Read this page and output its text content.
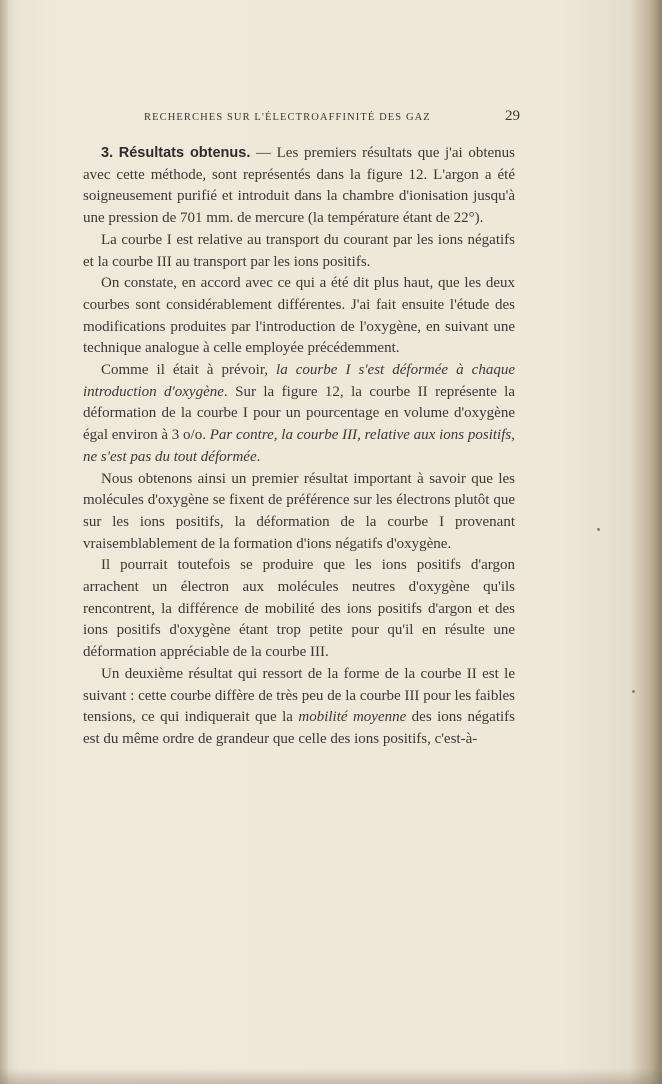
RECHERCHES SUR L'ÉLECTROAFFINITÉ DES GAZ	29

3. Résultats obtenus. — Les premiers résultats que j'ai obtenus avec cette méthode, sont représentés dans la figure 12. L'argon a été soigneusement purifié et introduit dans la chambre d'ionisation jusqu'à une pression de 701 mm. de mercure (la température étant de 22°).

La courbe I est relative au transport du courant par les ions négatifs et la courbe III au transport par les ions positifs.

On constate, en accord avec ce qui a été dit plus haut, que les deux courbes sont considérablement différentes. J'ai fait ensuite l'étude des modifications produites par l'introduction de l'oxygène, en suivant une technique analogue à celle employée précédemment.

Comme il était à prévoir, la courbe I s'est déformée à chaque introduction d'oxygène. Sur la figure 12, la courbe II représente la déformation de la courbe I pour un pourcentage en volume d'oxygène égal environ à 3 o/o. Par contre, la courbe III, relative aux ions positifs, ne s'est pas du tout déformée.

Nous obtenons ainsi un premier résultat important à savoir que les molécules d'oxygène se fixent de préférence sur les électrons plutôt que sur les ions positifs, la déformation de la courbe I provenant vraisemblablement de la formation d'ions négatifs d'oxygène.

Il pourrait toutefois se produire que les ions positifs d'argon arrachent un électron aux molécules neutres d'oxygène qu'ils rencontrent, la différence de mobilité des ions positifs d'argon et des ions positifs d'oxygène étant trop petite pour qu'il en résulte une déformation appréciable de la courbe III.

Un deuxième résultat qui ressort de la forme de la courbe II est le suivant : cette courbe diffère de très peu de la courbe III pour les faibles tensions, ce qui indiquerait que la mobilité moyenne des ions négatifs est du même ordre de grandeur que celle des ions positifs, c'est-à-
